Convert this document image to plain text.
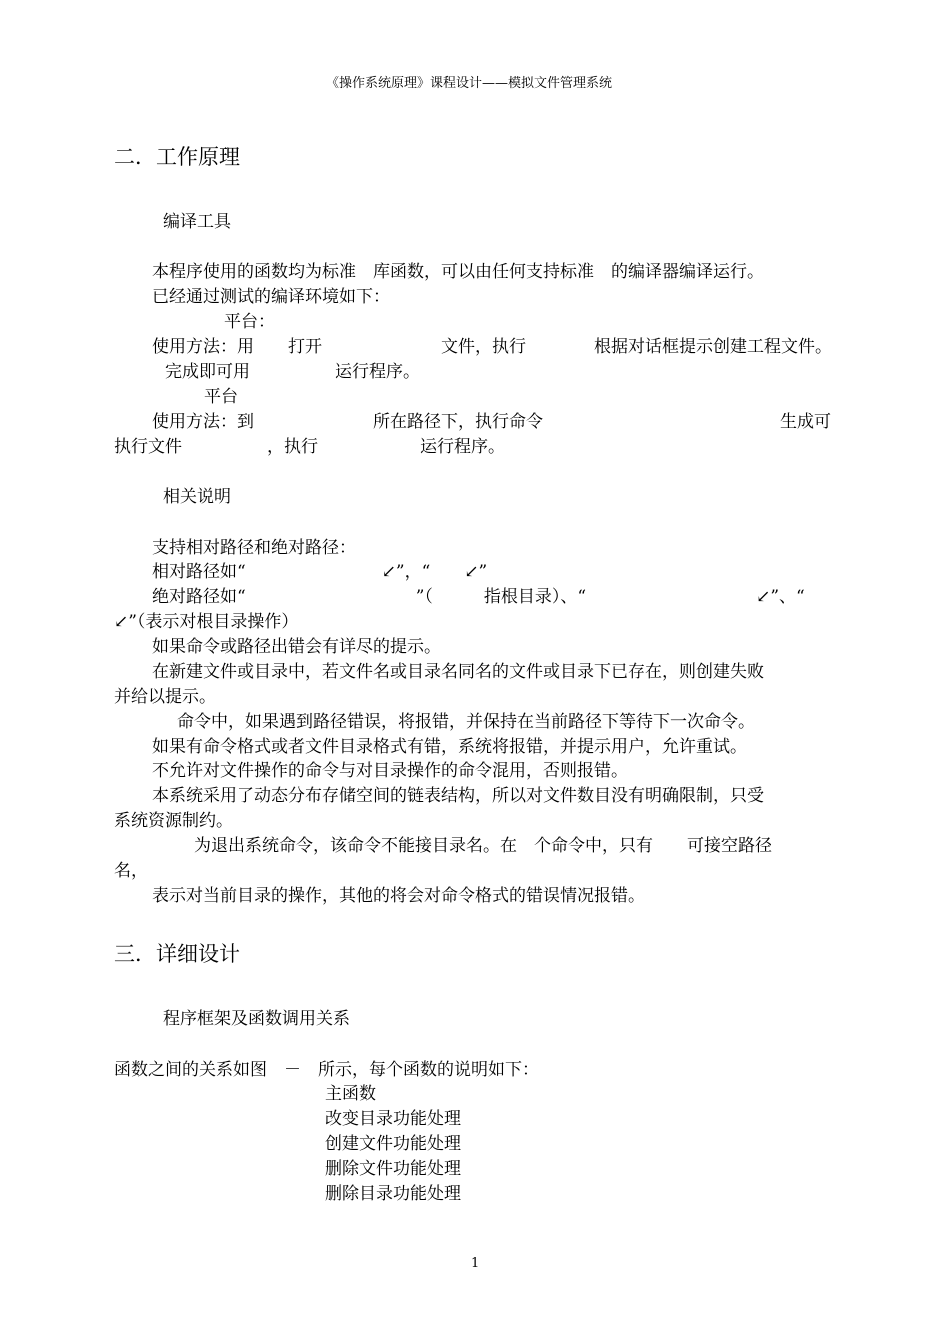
《操作系统原理》课程设计——模拟文件管理系统
二．工作原理
编译工具
本程序使用的函数均为标准　库函数，可以由任何支持标准　的编译器编译运行。
已经通过测试的编译环境如下：
平台：
使用方法：用　　打开　　　　　　　文件，执行　　　　根据对话框提示创建工程文件。
完成即可用　　　　　运行程序。
平台
使用方法：到　　　　　　　所在路径下，执行命令	生成可
执行文件　　　　　，执行　　　　　　运行程序。
相关说明
支持相对路径和绝对路径：
相对路径如“　　　　　　　　↙”，“　　↙”
绝对路径如“　　　　　　　　　　”（　　　指根目录）、“　　　　　　　　　　↙”、“
↙”（表示对根目录操作）
如果命令或路径出错会有详尽的提示。
在新建文件或目录中，若文件名或目录名同名的文件或目录下已存在，则创建失败
并给以提示。
命令中，如果遇到路径错误，将报错，并保持在当前路径下等待下一次命令。
如果有命令格式或者文件目录格式有错，系统将报错，并提示用户，允许重试。
不允许对文件操作的命令与对目录操作的命令混用，否则报错。
本系统采用了动态分布存储空间的链表结构，所以对文件数目没有明确限制，只受
系统资源制约。
为退出系统命令，该命令不能接目录名。在　个命令中，只有　　可接空路径
名，
表示对当前目录的操作，其他的将会对命令格式的错误情况报错。
三．详细设计
程序框架及函数调用关系
函数之间的关系如图　－　所示，每个函数的说明如下：
主函数
改变目录功能处理
创建文件功能处理
删除文件功能处理
删除目录功能处理
1
